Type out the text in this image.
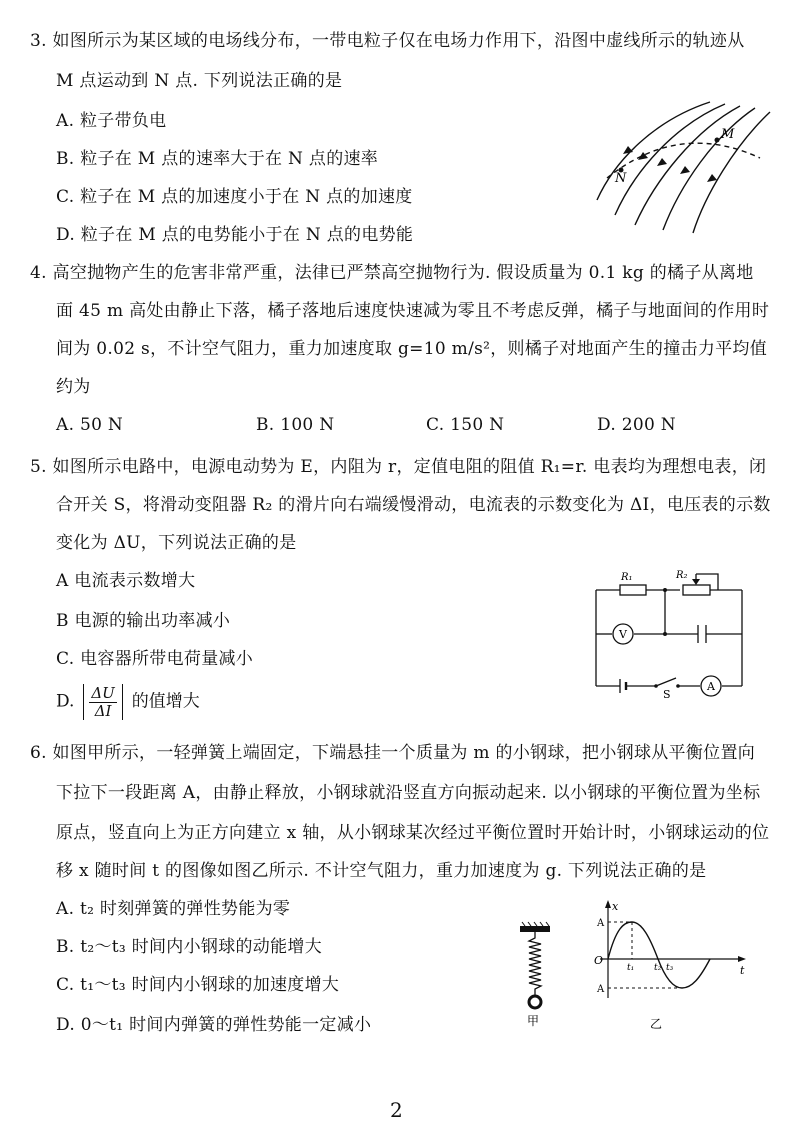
3. 如图所示为某区域的电场线分布，一带电粒子仅在电场力作用下，沿图中虚线所示的轨迹从
M 点运动到 N 点. 下列说法正确的是
A. 粒子带负电
B. 粒子在 M 点的速率大于在 N 点的速率
C. 粒子在 M 点的加速度小于在 N 点的加速度
D. 粒子在 M 点的电势能小于在 N 点的电势能
M
N
4. 高空抛物产生的危害非常严重，法律已严禁高空抛物行为. 假设质量为 0.1 kg 的橘子从离地
面 45 m 高处由静止下落，橘子落地后速度快速减为零且不考虑反弹，橘子与地面间的作用时
间为 0.02 s，不计空气阻力，重力加速度取 g=10 m/s²，则橘子对地面产生的撞击力平均值
约为
A. 50 N	B. 100 N	C. 150 N	D. 200 N
5. 如图所示电路中，电源电动势为 E，内阻为 r，定值电阻的阻值 R₁=r. 电表均为理想电表，闭
合开关 S，将滑动变阻器 R₂ 的滑片向右端缓慢滑动，电流表的示数变化为 ΔI，电压表的示数
变化为 ΔU，下列说法正确的是
A 电流表示数增大
B 电源的输出功率减小
C. 电容器所带电荷量减小
D. $\frac{\Delta U}{\Delta I}$ 的值增大
R₁	R₂
V
A
S
6. 如图甲所示，一轻弹簧上端固定，下端悬挂一个质量为 m 的小钢球，把小钢球从平衡位置向
下拉下一段距离 A，由静止释放，小钢球就沿竖直方向振动起来. 以小钢球的平衡位置为坐标
原点，竖直向上为正方向建立 x 轴，从小钢球某次经过平衡位置时开始计时，小钢球运动的位
移 x 随时间 t 的图像如图乙所示. 不计空气阻力，重力加速度为 g. 下列说法正确的是
A. t₂ 时刻弹簧的弹性势能为零
B. t₂～t₃ 时间内小钢球的动能增大
C. t₁～t₃ 时间内小钢球的加速度增大
D. 0～t₁ 时间内弹簧的弹性势能一定减小	甲
x
t
O
A
A
t₁ t₂ t₃
乙
2
